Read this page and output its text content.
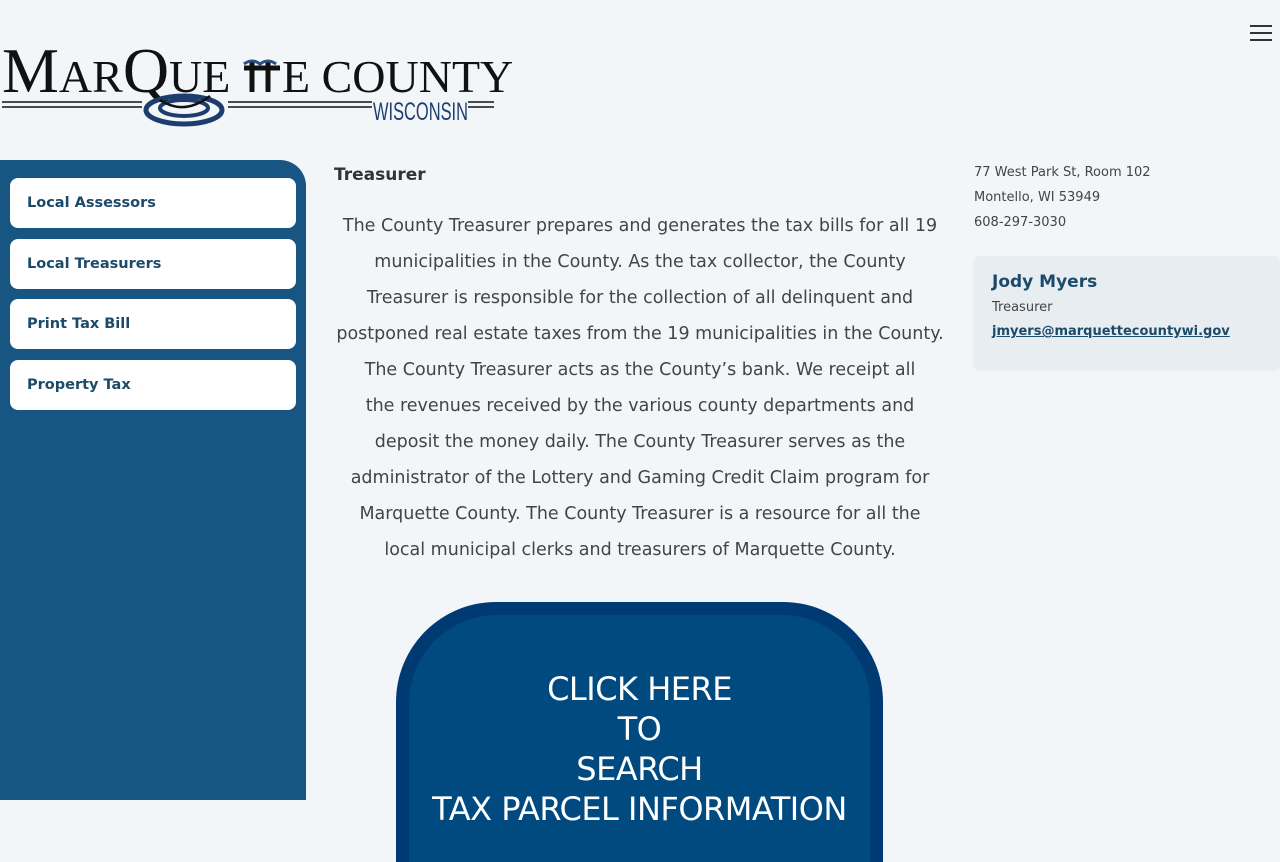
MARQUE E COUNTY
WISCONSIN
Local Assessors
Local Treasurers
Print Tax Bill
Property Tax
Treasurer

The County Treasurer prepares and generates the tax bills for all 19
municipalities in the County. As the tax collector, the County
Treasurer is responsible for the collection of all delinquent and
postponed real estate taxes from the 19 municipalities in the County.
The County Treasurer acts as the County’s bank. We receipt all
the revenues received by the various county departments and
deposit the money daily. The County Treasurer serves as the
administrator of the Lottery and Gaming Credit Claim program for
Marquette County. The County Treasurer is a resource for all the
local municipal clerks and treasurers of Marquette County.

CLICK HERE
TO
SEARCH
TAX PARCEL INFORMATION
77 West Park St, Room 102
Montello, WI 53949
608-297-3030
Jody Myers
Treasurer
jmyers@marquettecountywi.gov
